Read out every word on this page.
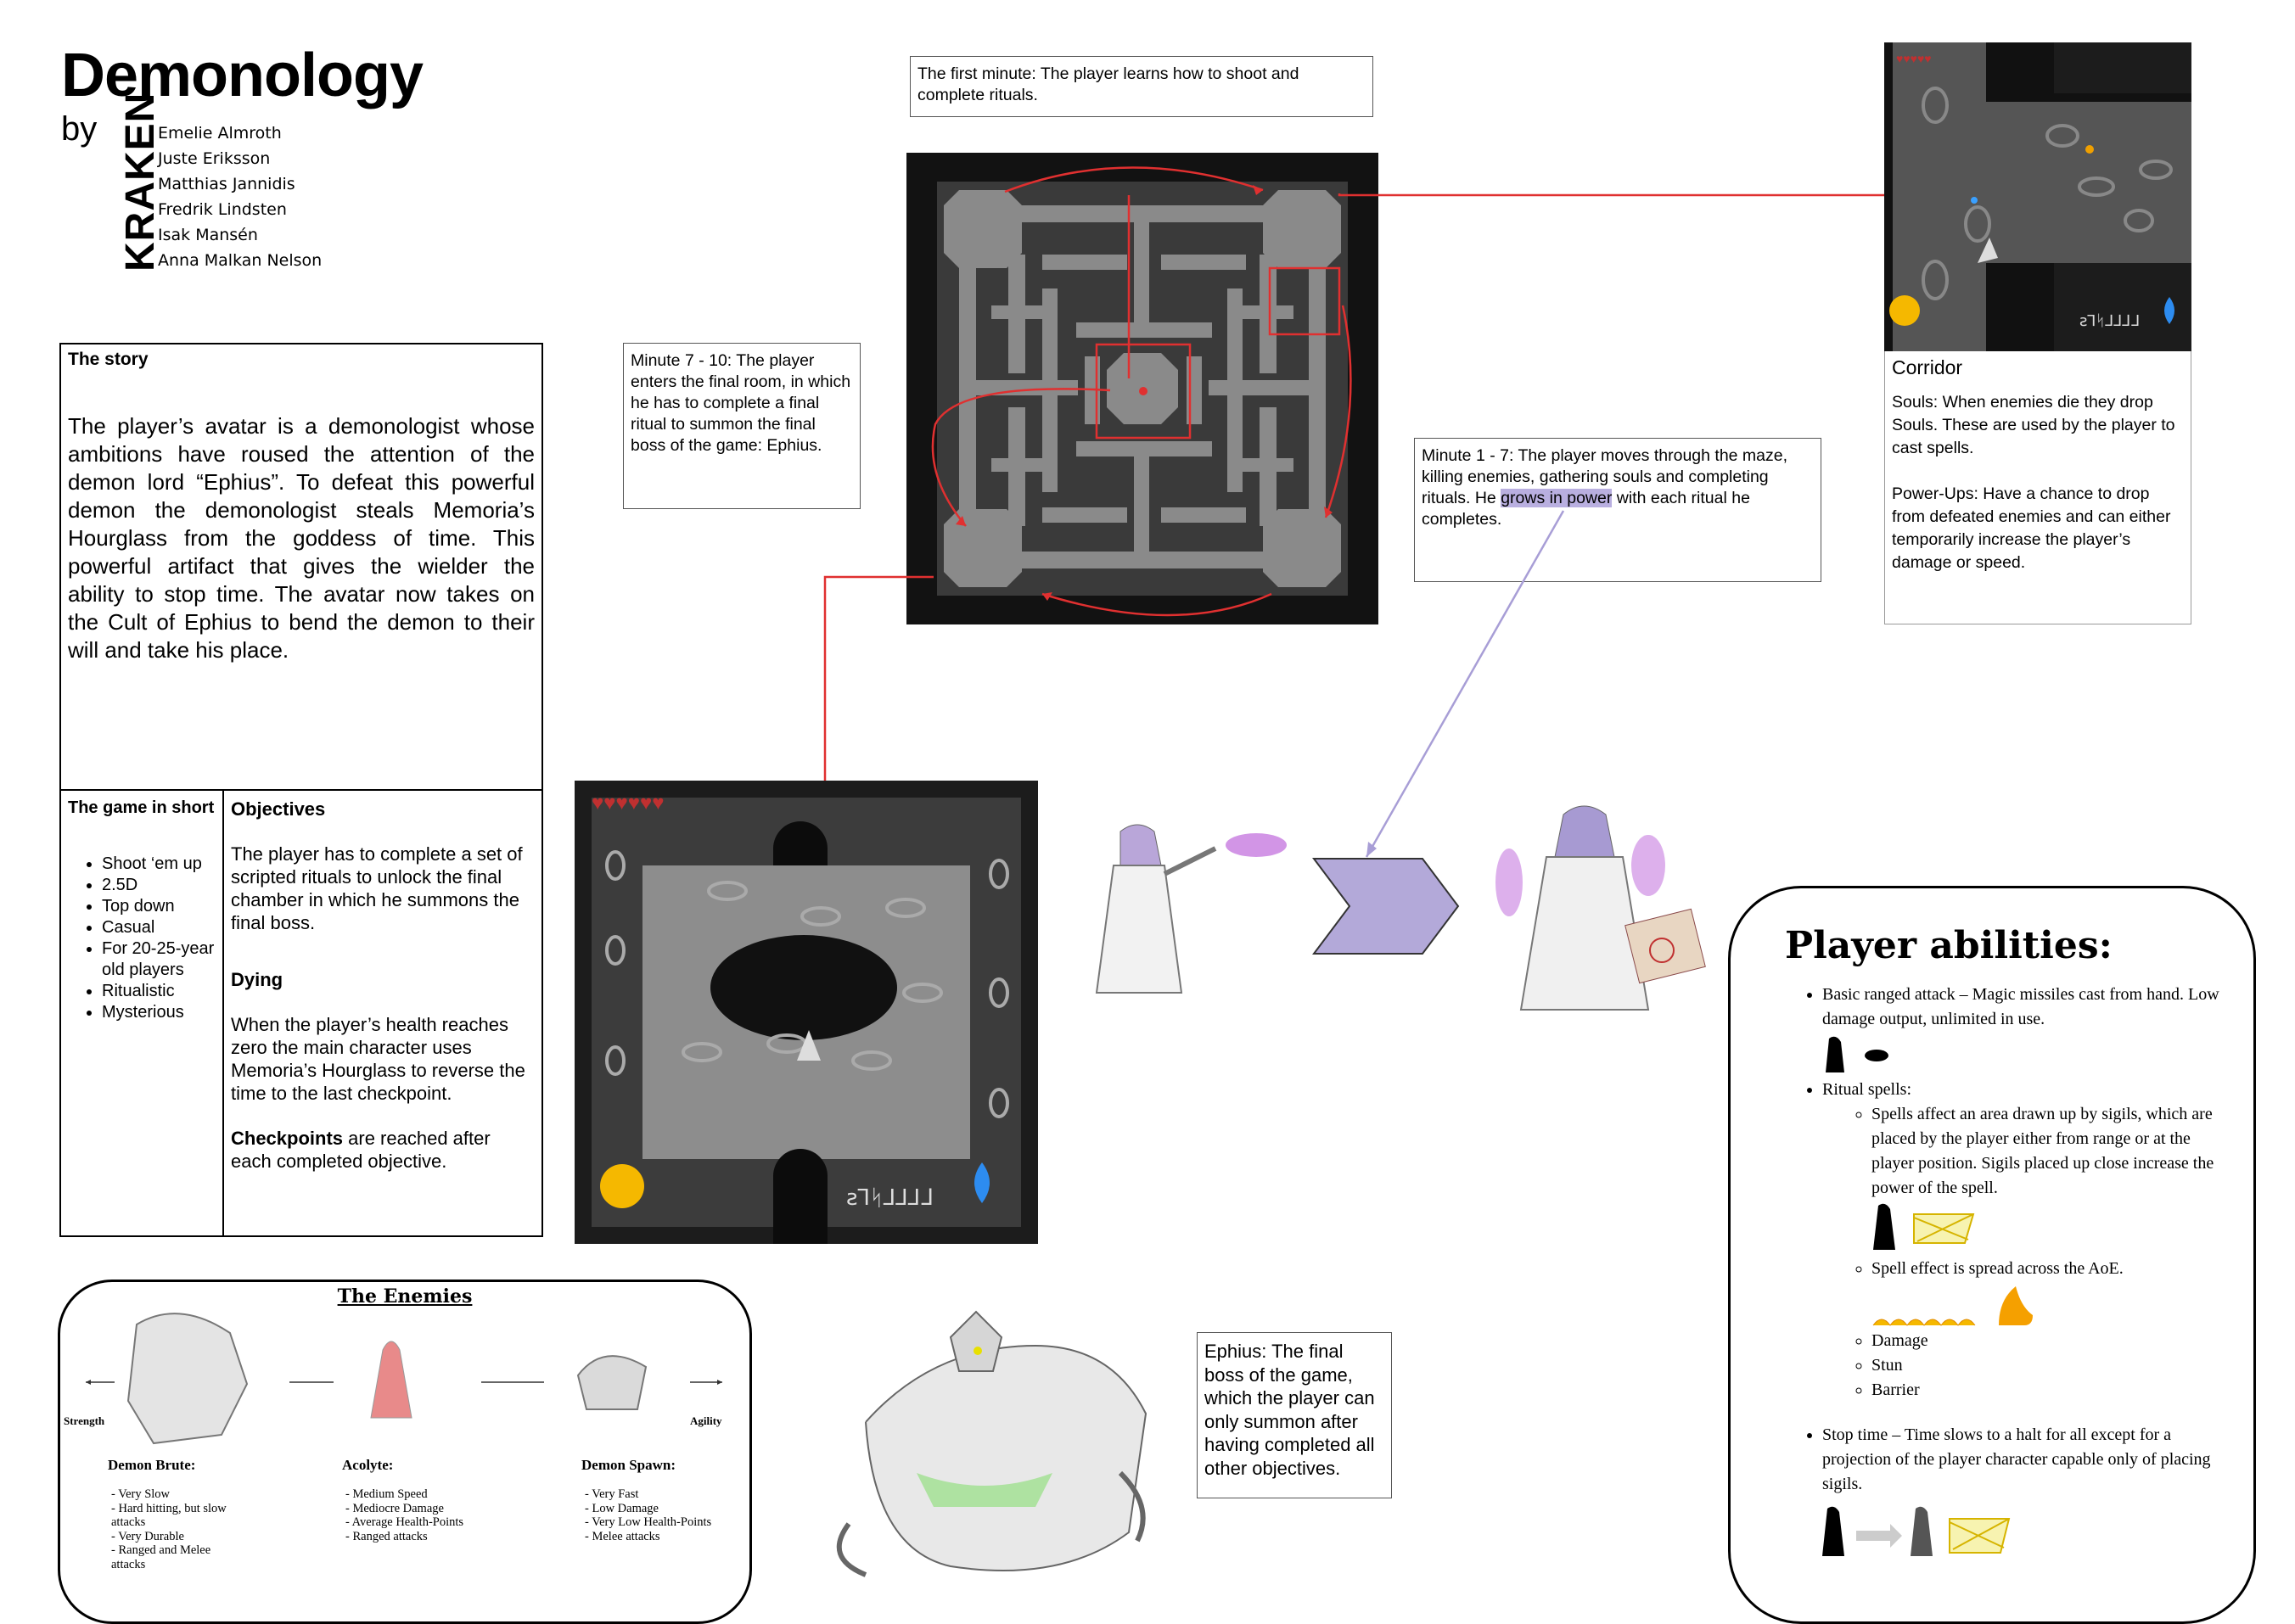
Demonology
by KRAKEN
Emelie Almroth
Juste Eriksson
Matthias Jannidis
Fredrik Lindsten
Isak Mansén
Anna Malkan Nelson
The first minute: The player learns how to shoot and complete rituals.
The story
The player’s avatar is a demonologist whose ambitions have roused the attention of the demon lord “Ephius”. To defeat this powerful demon the demonologist steals Memoria’s Hourglass from the goddess of time. This powerful artifact that gives the wielder the ability to stop time. The avatar now takes on the Cult of Ephius to bend the demon to their will and take his place.
The game in short
• Shoot ‘em up
• 2.5D
• Top down
• Casual
• For 20-25-year old players
• Ritualistic
• Mysterious
Objectives

The player has to complete a set of scripted rituals to unlock the final chamber in which he summons the final boss.

Dying

When the player’s health reaches zero the main character uses Memoria’s Hourglass to reverse the time to the last checkpoint.

Checkpoints are reached after each completed objective.

Minute 7 - 10: The player enters the final room, in which he has to complete a final ritual to summon the final boss of the game: Ephius.
Minute 1 - 7: The player moves through the maze, killing enemies, gathering souls and completing rituals. He grows in power with each ritual he completes.
ƨ⅂ᛋ⅃⅃⅃ᒧ
♥♥♥♥♥
Corridor

Souls: When enemies die they drop Souls. These are used by the player to cast spells.

Power-Ups: Have a chance to drop from defeated enemies and can either temporarily increase the player’s damage or speed.

ƨ⅂ᛋ⅃⅃⅃ᒧ
♥♥♥♥♥♥
Ephius: The final boss of the game, which the player can only summon after having completed all other objectives.
The Enemies
Strength	Agility
Demon Brute:
- Very Slow
- Hard hitting, but slow attacks
- Very Durable
- Ranged and Melee attacks
Acolyte:
- Medium Speed
- Mediocre Damage
- Average Health-Points
- Ranged attacks
Demon Spawn:
- Very Fast
- Low Damage
- Very Low Health-Points
- Melee attacks
Player abilities:
• Basic ranged attack – Magic missiles cast from hand. Low damage output, unlimited in use.
• Ritual spells:
◦ Spells affect an area drawn up by sigils, which are placed by the player either from range or at the player position. Sigils placed up close increase the power of the spell.
◦ Spell effect is spread across the AoE.
◦ Damage
◦ Stun
◦ Barrier
• Stop time – Time slows to a halt for all except for a projection of the player character capable only of placing sigils.
